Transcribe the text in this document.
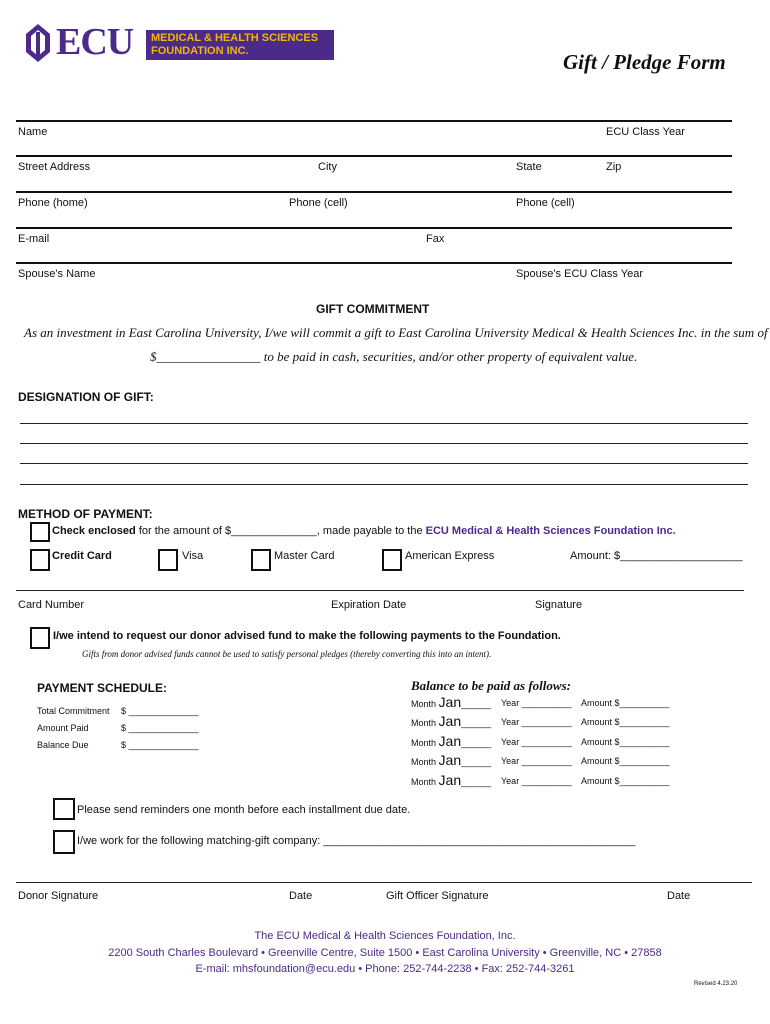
ECU MEDICAL & HEALTH SCIENCES
FOUNDATION INC.	Gift / Pledge Form
Name	ECU Class Year
Street Address	City	State	Zip
Phone (home)	Phone (cell)	Phone (cell)
E-mail	Fax
Spouse’s Name	Spouse’s ECU Class Year
GIFT COMMITMENT
As an investment in East Carolina University, I/we will commit a gift to East Carolina University Medical & Health Sciences Inc. in the sum of
$________________ to be paid in cash, securities, and/or other property of equivalent value.
DESIGNATION OF GIFT:
METHOD OF PAYMENT:
Check enclosed for the amount of $______________, made payable to the ECU Medical & Health Sciences Foundation Inc.
Credit Card	Visa	Master Card	American Express	Amount: $____________________
Card Number	Expiration Date	Signature
I/we intend to request our donor advised fund to make the following payments to the Foundation.
Gifts from donor advised funds cannot be used to satisfy personal pledges (thereby converting this into an intent).
PAYMENT SCHEDULE:	Balance to be paid as follows:
Total Commitment $ ______________
Amount Paid	$ ______________
Balance Due	$ ______________
Month Jan______ Year __________ Amount $__________
Month Jan______ Year __________ Amount $__________
Month Jan______ Year __________ Amount $__________
Month Jan______ Year __________ Amount $__________
Month Jan______ Year __________ Amount $__________
Please send reminders one month before each installment due date.
I/we work for the following matching-gift company: ___________________________________________________
Donor Signature	Date	Gift Officer Signature	Date
The ECU Medical & Health Sciences Foundation, Inc.
2200 South Charles Boulevard • Greenville Centre, Suite 1500 • East Carolina University • Greenville, NC • 27858
E-mail: mhsfoundation@ecu.edu • Phone: 252-744-2238 • Fax: 252-744-3261
Revised 4.23.20
